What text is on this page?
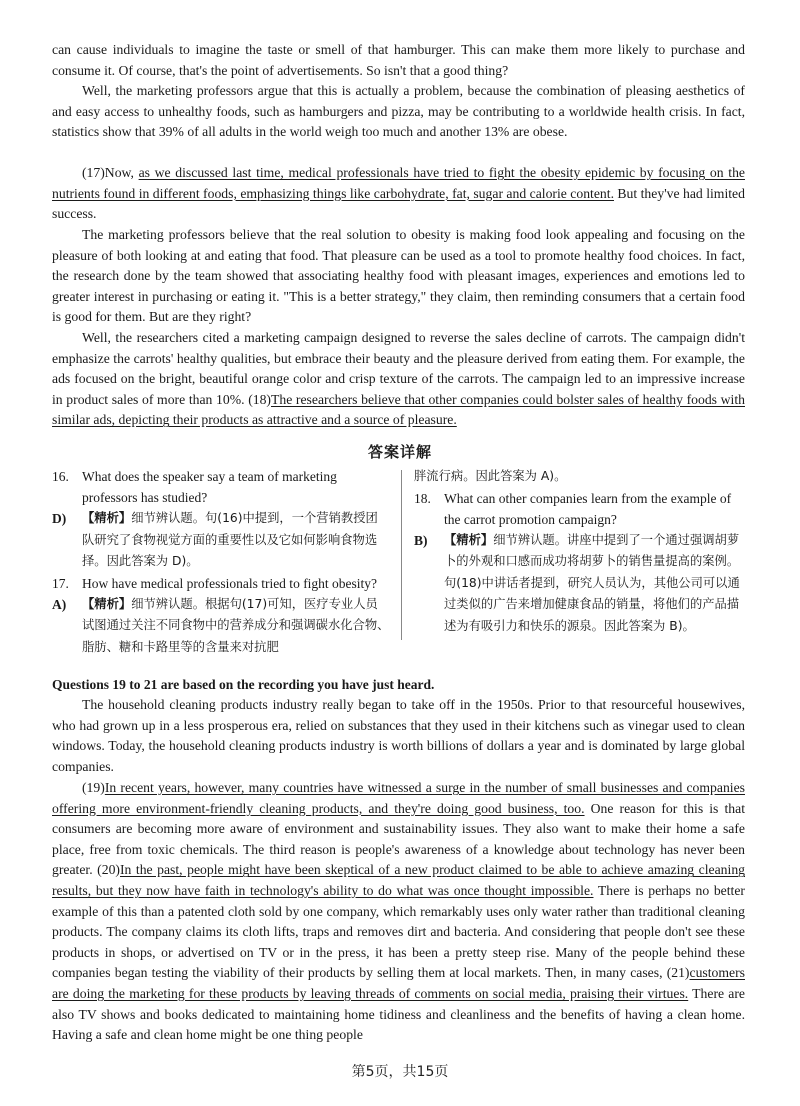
can cause individuals to imagine the taste or smell of that hamburger. This can make them more likely to purchase and consume it. Of course, that's the point of advertisements. So isn't that a good thing?

Well, the marketing professors argue that this is actually a problem, because the combination of pleasing aesthetics of and easy access to unhealthy foods, such as hamburgers and pizza, may be contributing to a worldwide health crisis. In fact, statistics show that 39% of all adults in the world weigh too much and another 13% are obese.

(17)Now, as we discussed last time, medical professionals have tried to fight the obesity epidemic by focusing on the nutrients found in different foods, emphasizing things like carbohydrate, fat, sugar and calorie content. But they've had limited success.

The marketing professors believe that the real solution to obesity is making food look appealing and focusing on the pleasure of both looking at and eating that food. That pleasure can be used as a tool to promote healthy food choices. In fact, the research done by the team showed that associating healthy food with pleasant images, experiences and emotions led to greater interest in purchasing or eating it. "This is a better strategy," they claim, then reminding consumers that a certain food is good for them. But are they right?

Well, the researchers cited a marketing campaign designed to reverse the sales decline of carrots. The campaign didn't emphasize the carrots' healthy qualities, but embrace their beauty and the pleasure derived from eating them. For example, the ads focused on the bright, beautiful orange color and crisp texture of the carrots. The campaign led to an impressive increase in product sales of more than 10%. (18)The researchers believe that other companies could bolster sales of healthy foods with similar ads, depicting their products as attractive and a source of pleasure.

答案详解

16. What does the speaker say a team of marketing professors has studied?

D) 【精析】细节辨认题。句(16)中提到，一个营销教授团队研究了食物视觉方面的重要性以及它如何影响食物选择。因此答案为 D)。

17. How have medical professionals tried to fight obesity?

A) 【精析】细节辨认题。根据句(17)可知，医疗专业人员试图通过关注不同食物中的营养成分和强调碳水化合物、脂肪、糖和卡路里等的含量来对抗肥

胖流行病。因此答案为 A)。

18. What can other companies learn from the example of the carrot promotion campaign?

B) 【精析】细节辨认题。讲座中提到了一个通过强调胡萝卜的外观和口感而成功将胡萝卜的销售量提高的案例。句(18)中讲话者提到，研究人员认为，其他公司可以通过类似的广告来增加健康食品的销量，将他们的产品描述为有吸引力和快乐的源泉。因此答案为 B)。

Questions 19 to 21 are based on the recording you have just heard.

The household cleaning products industry really began to take off in the 1950s. Prior to that resourceful housewives, who had grown up in a less prosperous era, relied on substances that they used in their kitchens such as vinegar used to clean windows. Today, the household cleaning products industry is worth billions of dollars a year and is dominated by large global companies.

(19)In recent years, however, many countries have witnessed a surge in the number of small businesses and companies offering more environment-friendly cleaning products, and they're doing good business, too. One reason for this is that consumers are becoming more aware of environment and sustainability issues. They also want to make their home a safe place, free from toxic chemicals. The third reason is people's awareness of a knowledge about technology has never been greater. (20)In the past, people might have been skeptical of a new product claimed to be able to achieve amazing cleaning results, but they now have faith in technology's ability to do what was once thought impossible. There is perhaps no better example of this than a patented cloth sold by one company, which remarkably uses only water rather than traditional cleaning products. The company claims its cloth lifts, traps and removes dirt and bacteria. And considering that people don't see these products in shops, or advertised on TV or in the press, it has been a pretty steep rise. Many of the people behind these companies began testing the viability of their products by selling them at local markets. Then, in many cases, (21)customers are doing the marketing for these products by leaving threads of comments on social media, praising their virtues. There are also TV shows and books dedicated to maintaining home tidiness and cleanliness and the benefits of having a clean home. Having a safe and clean home might be one thing people

第5页，共15页
